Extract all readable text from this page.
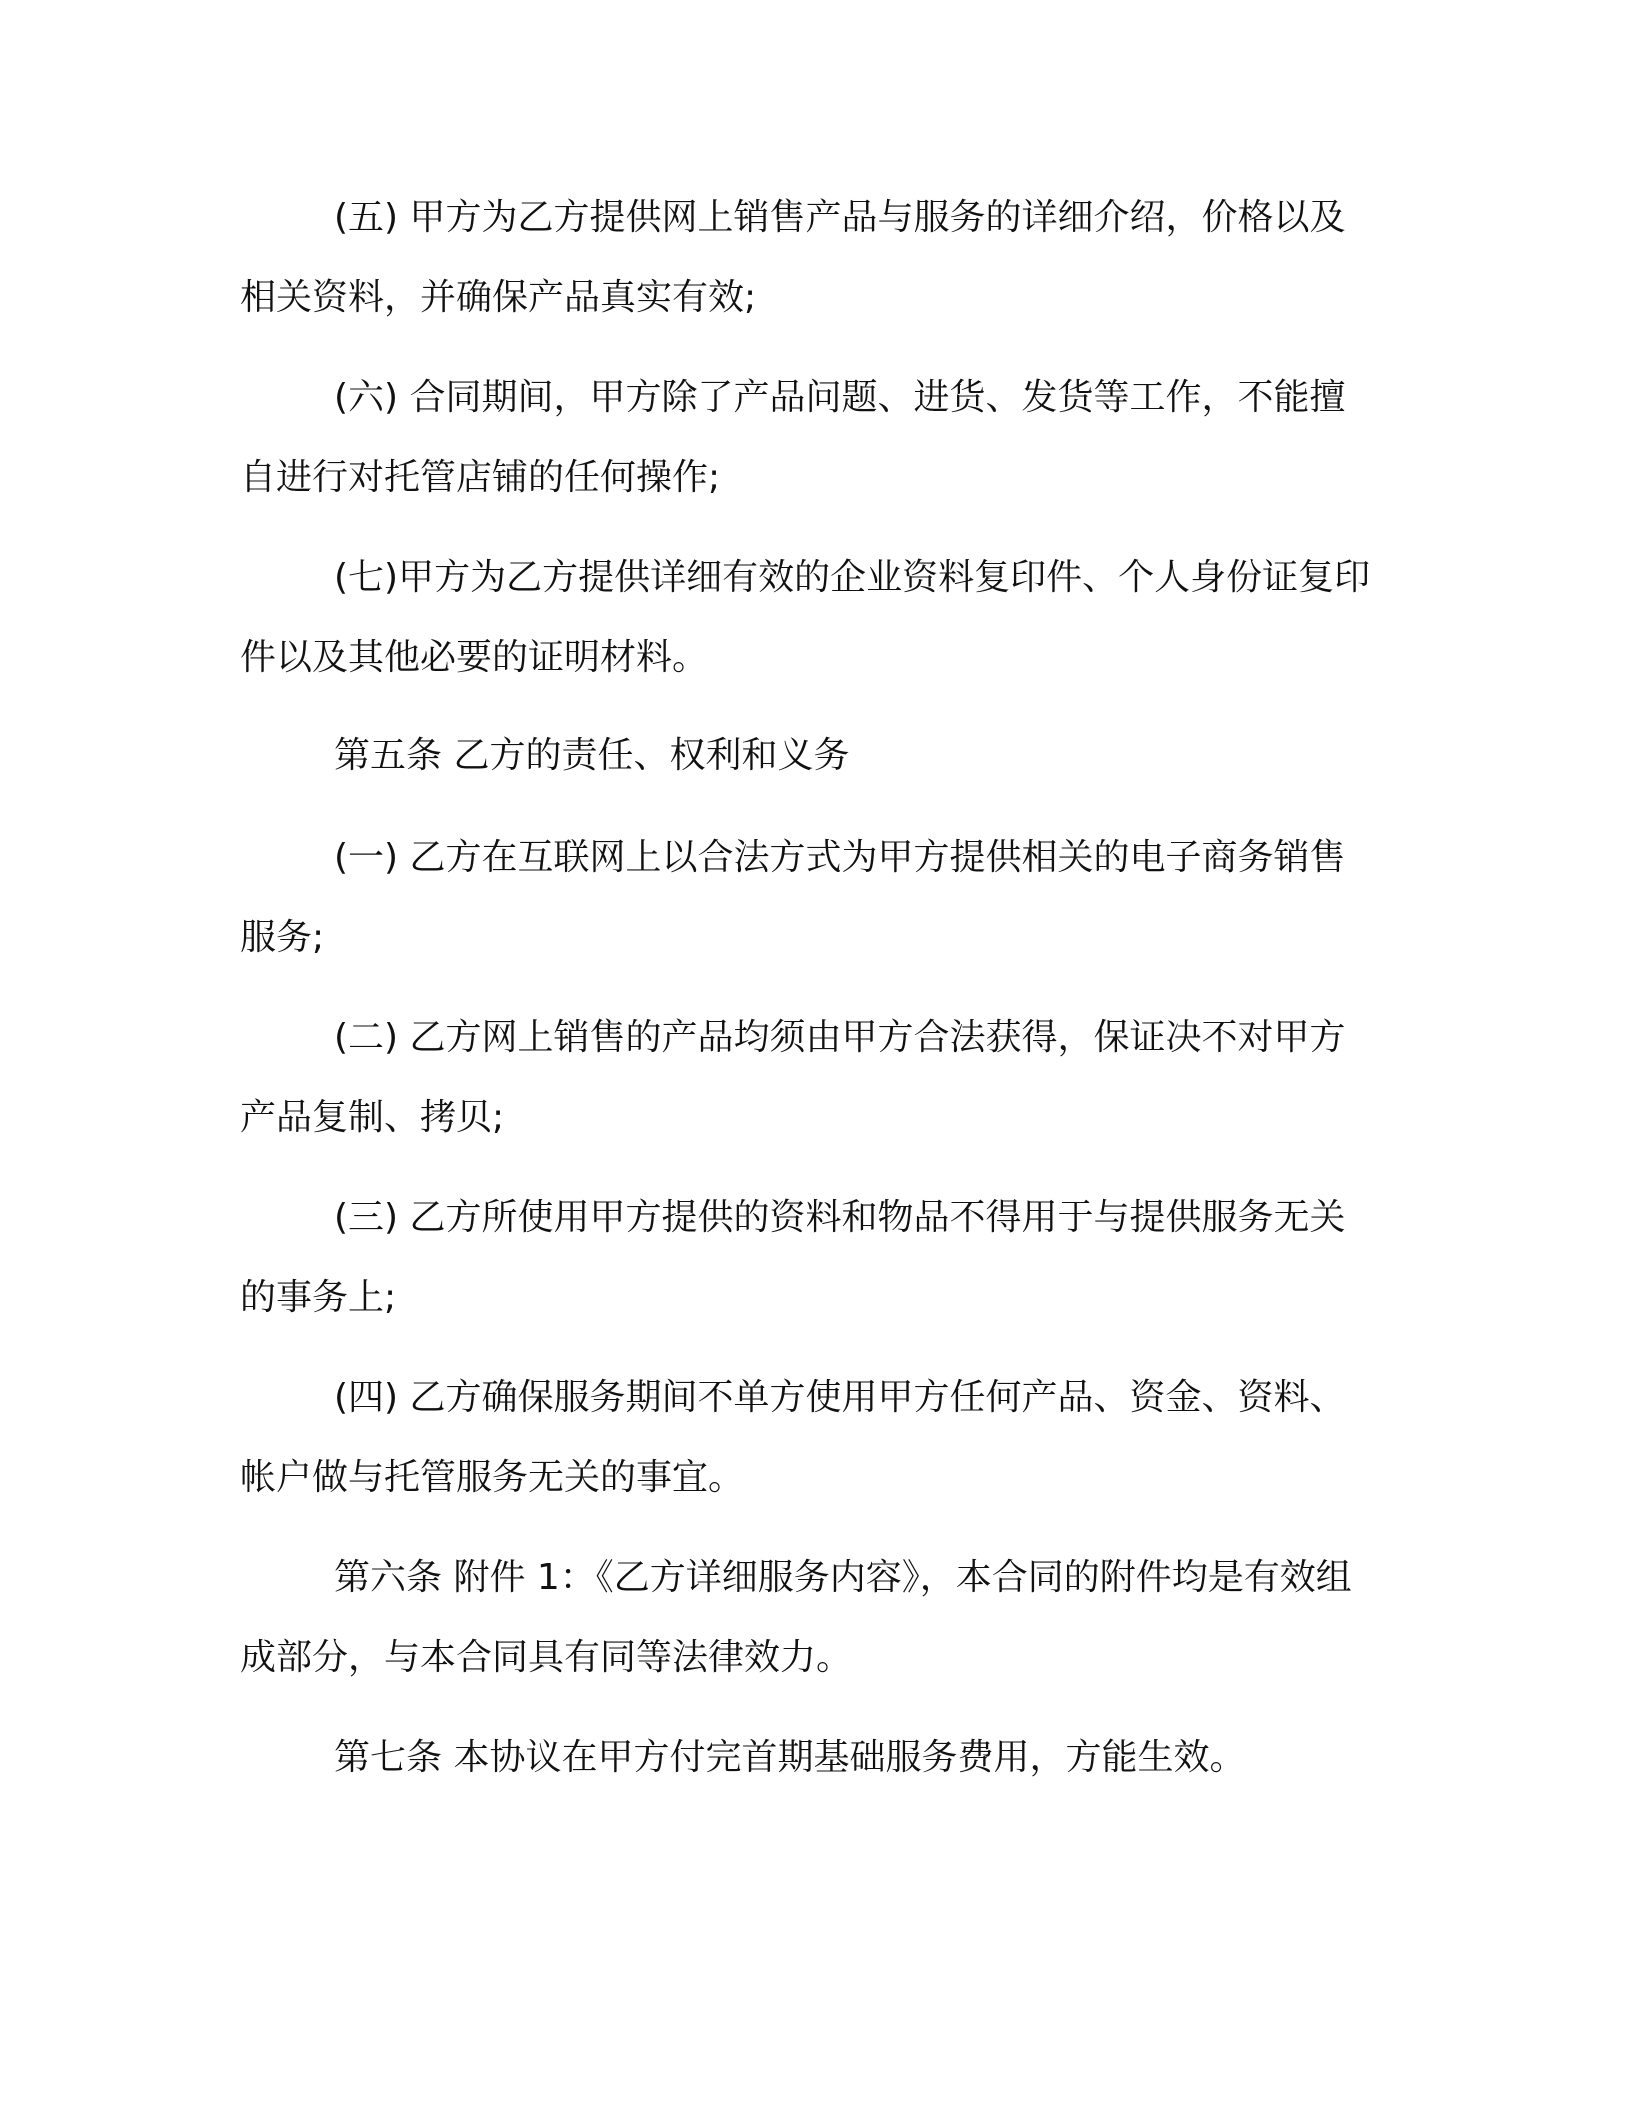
(五) 甲方为乙方提供网上销售产品与服务的详细介绍，价格以及相关资料，并确保产品真实有效;

(六) 合同期间，甲方除了产品问题、进货、发货等工作，不能擅自进行对托管店铺的任何操作;

(七)甲方为乙方提供详细有效的企业资料复印件、个人身份证复印件以及其他必要的证明材料。

第五条 乙方的责任、权利和义务

(一) 乙方在互联网上以合法方式为甲方提供相关的电子商务销售服务;

(二) 乙方网上销售的产品均须由甲方合法获得，保证决不对甲方产品复制、拷贝;

(三) 乙方所使用甲方提供的资料和物品不得用于与提供服务无关的事务上;

(四) 乙方确保服务期间不单方使用甲方任何产品、资金、资料、帐户做与托管服务无关的事宜。

第六条 附件 1：《乙方详细服务内容》，本合同的附件均是有效组成部分，与本合同具有同等法律效力。

第七条 本协议在甲方付完首期基础服务费用，方能生效。
